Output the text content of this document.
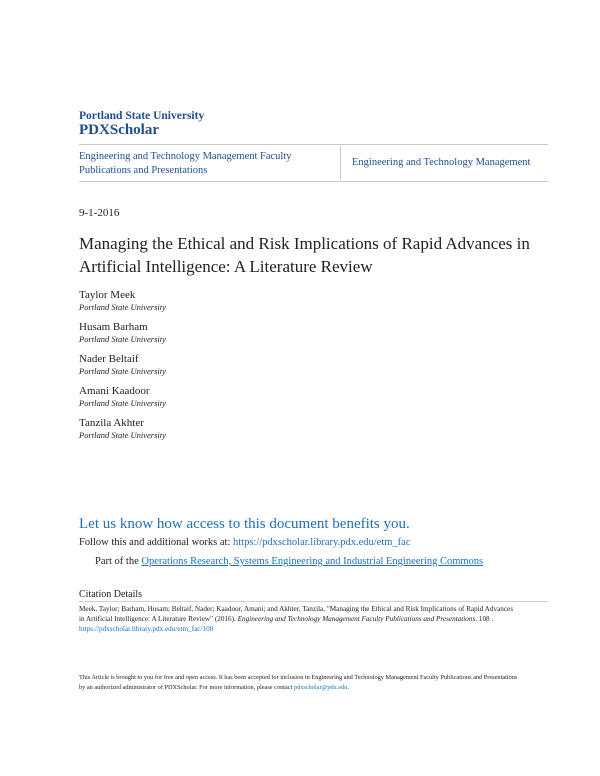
Portland State University
PDXScholar
Engineering and Technology Management Faculty Publications and Presentations
Engineering and Technology Management
9-1-2016
Managing the Ethical and Risk Implications of Rapid Advances in Artificial Intelligence: A Literature Review
Taylor Meek
Portland State University
Husam Barham
Portland State University
Nader Beltaif
Portland State University
Amani Kaadoor
Portland State University
Tanzila Akhter
Portland State University
Let us know how access to this document benefits you.
Follow this and additional works at: https://pdxscholar.library.pdx.edu/etm_fac
Part of the Operations Research, Systems Engineering and Industrial Engineering Commons
Citation Details
Meek, Taylor; Barham, Husam; Beltaif, Nader; Kaadoor, Amani; and Akhter, Tanzila, "Managing the Ethical and Risk Implications of Rapid Advances in Artificial Intelligence: A Literature Review" (2016). Engineering and Technology Management Faculty Publications and Presentations. 108 .
https://pdxscholar.library.pdx.edu/etm_fac/108
This Article is brought to you for free and open access. It has been accepted for inclusion in Engineering and Technology Management Faculty Publications and Presentations by an authorized administrator of PDXScholar. For more information, please contact pdxscholar@pdx.edu.
